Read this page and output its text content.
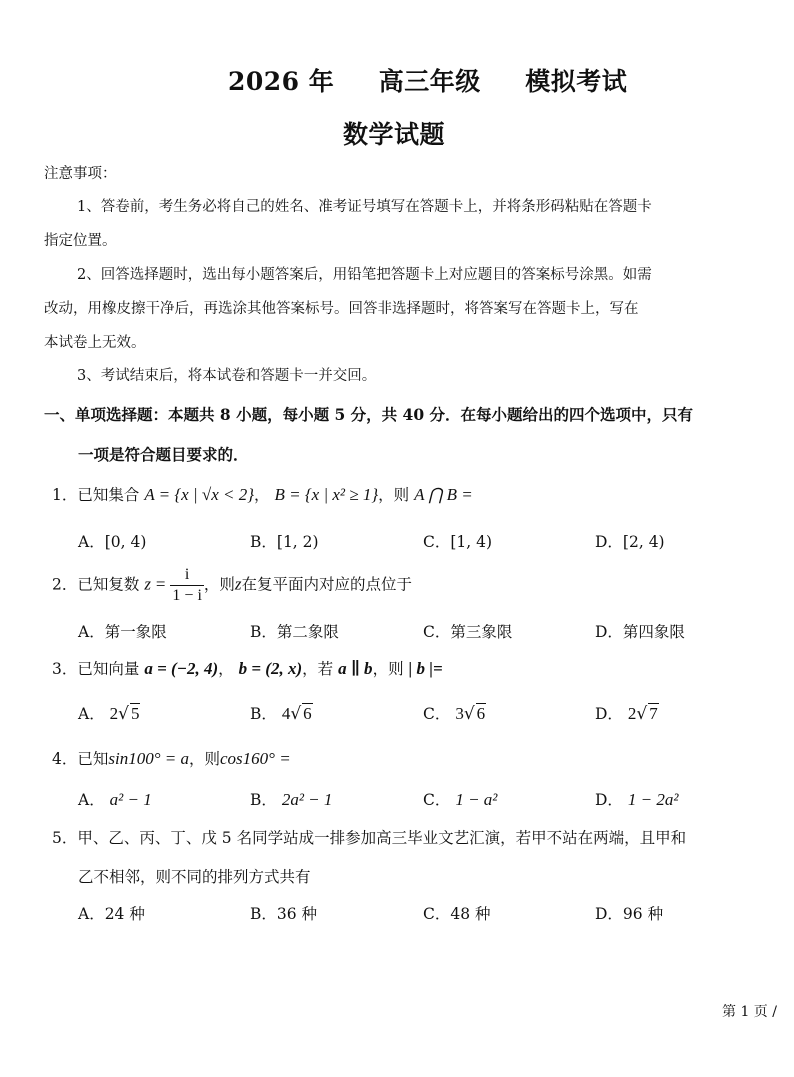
2026 年 高三年级 模拟考试
数学试题
注意事项：
1、答卷前，考生务必将自己的姓名、准考证号填写在答题卡上，并将条形码粘贴在答题卡
指定位置。
2、回答选择题时，选出每小题答案后，用铅笔把答题卡上对应题目的答案标号涂黑。如需
改动，用橡皮擦干净后，再选涂其他答案标号。回答非选择题时，将答案写在答题卡上，写在
本试卷上无效。
3、考试结束后，将本试卷和答题卡一并交回。
一、单项选择题：本题共 8 小题，每小题 5 分，共 40 分．在每小题给出的四个选项中，只有
一项是符合题目要求的．
1．已知集合 A = {x | √x < 2}， B = {x | x² ≥ 1}，则 A ⋂ B =
A．[0, 4)	B．[1, 2)	C．[1, 4)	D．[2, 4)
2．已知复数 $z = \frac{i}{1 - i}$ ，则z在复平面内对应的点位于
A．第一象限	B．第二象限	C．第三象限	D．第四象限
3．已知向量 a = (−2, 4)， b = (2, x)，若 a ∥ b，则 | b |=
A． 2√ 5	B． 4√ 6	C． 3√ 6	D． 2√ 7
4．已知sin100° = a，则cos160° =
A． a² − 1	B． 2a² − 1	C． 1 − a²	D． 1 − 2a²
5．甲、乙、丙、丁、戊 5 名同学站成一排参加高三毕业文艺汇演，若甲不站在两端，且甲和
乙不相邻，则不同的排列方式共有
A．24 种	B．36 种	C．48 种	D．96 种
第 1 页 /
